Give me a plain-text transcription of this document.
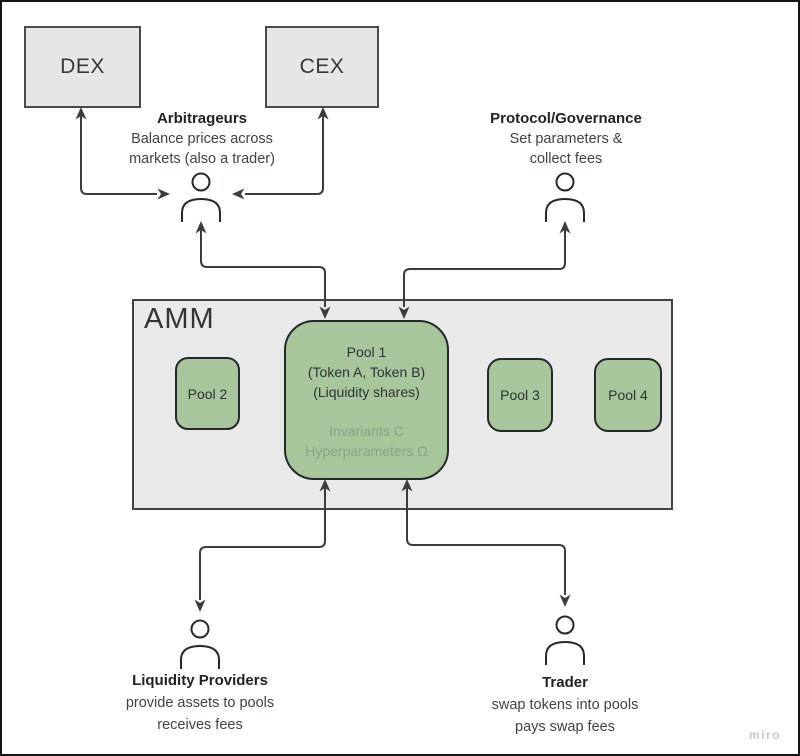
DEX	CEX
AMM
Pool 2
Pool 1
(Token A, Token B)
(Liquidity shares)
Invariants C
Hyperparameters Ω
Pool 3	Pool 4
Arbitrageurs
Balance prices across
markets (also a trader)
Protocol/Governance
Set parameters &
collect fees
Liquidity Providers
provide assets to pools
receives fees
Trader
swap tokens into pools
pays swap fees	miro
